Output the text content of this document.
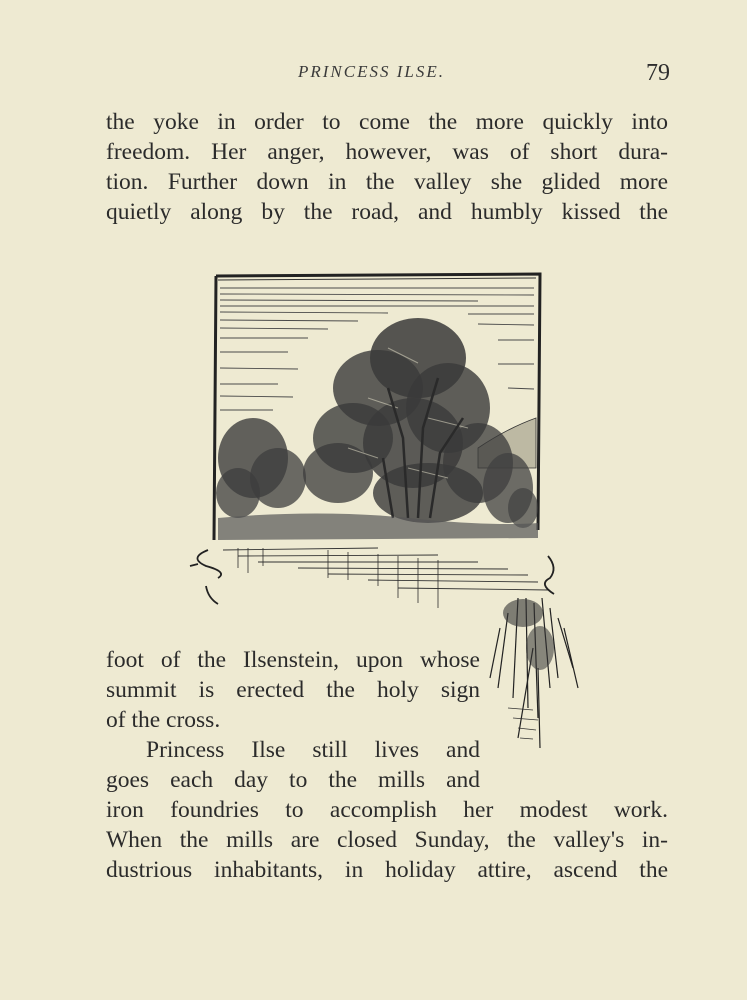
PRINCESS ILSE.	79
the yoke in order to come the more quickly into
freedom. Her anger, however, was of short dura-
tion. Further down in the valley she glided more
quietly along by the road, and humbly kissed the
foot of the Ilsenstein, upon whose
summit is erected the holy sign
of the cross.
Princess Ilse still lives and
goes each day to the mills and
iron foundries to accomplish her modest work.
When the mills are closed Sunday, the valley's in-
dustrious inhabitants, in holiday attire, ascend the
